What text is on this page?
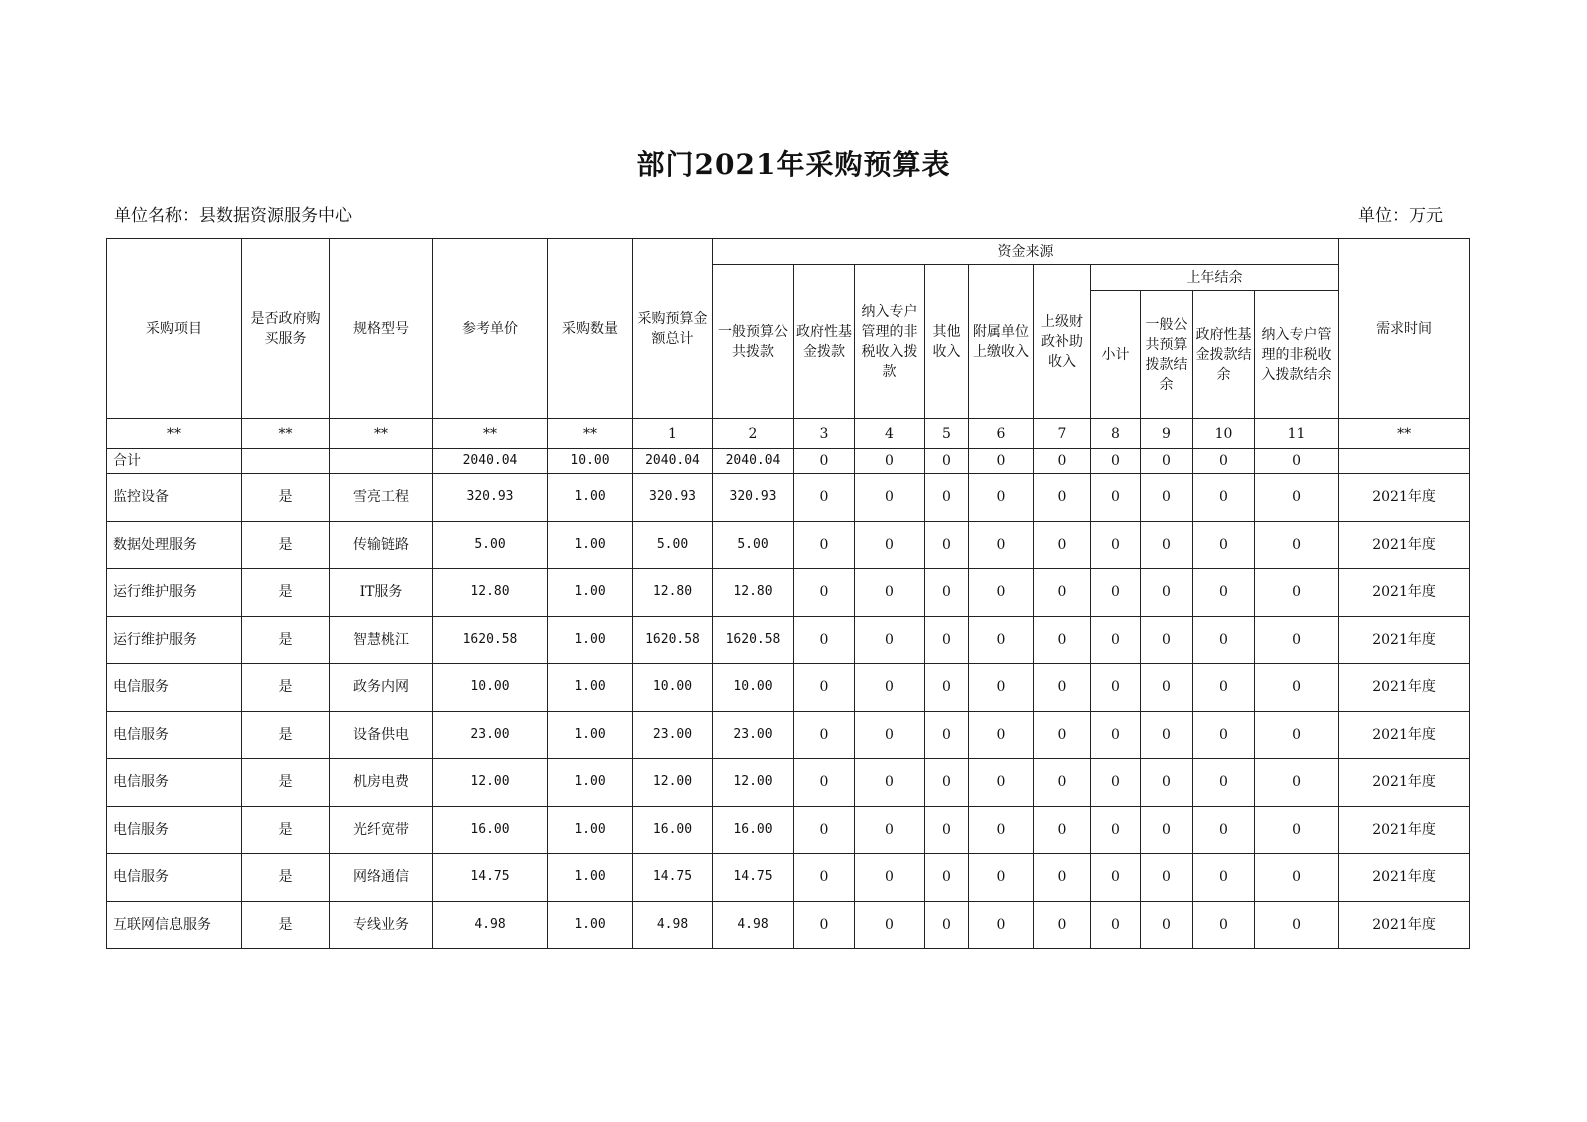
部门2021年采购预算表
单位名称：县数据资源服务中心	单位：万元
采购项目	是否政府购买服务	规格型号	参考单价	采购数量	采购预算金额总计	资金来源										需求时间
						一般预算公共拨款	政府性基金拨款	纳入专户管理的非税收入拨款	其他收入	附属单位上缴收入	上级财政补助收入	上年结余				
												小计	一般公共预算拨款结余	政府性基金拨款结余	纳入专户管理的非税收入拨款结余	
**	**	**	**	**	1	2	3	4	5	6	7	8	9	10	11	**
合计			2040.04	10.00	2040.04	2040.04	0	0	0	0	0	0	0	0	0	
监控设备	是	雪亮工程	320.93	1.00	320.93	320.93	0	0	0	0	0	0	0	0	0	2021年度
数据处理服务	是	传输链路	5.00	1.00	5.00	5.00	0	0	0	0	0	0	0	0	0	2021年度
运行维护服务	是	IT服务	12.80	1.00	12.80	12.80	0	0	0	0	0	0	0	0	0	2021年度
运行维护服务	是	智慧桃江	1620.58	1.00	1620.58	1620.58	0	0	0	0	0	0	0	0	0	2021年度
电信服务	是	政务内网	10.00	1.00	10.00	10.00	0	0	0	0	0	0	0	0	0	2021年度
电信服务	是	设备供电	23.00	1.00	23.00	23.00	0	0	0	0	0	0	0	0	0	2021年度
电信服务	是	机房电费	12.00	1.00	12.00	12.00	0	0	0	0	0	0	0	0	0	2021年度
电信服务	是	光纤宽带	16.00	1.00	16.00	16.00	0	0	0	0	0	0	0	0	0	2021年度
电信服务	是	网络通信	14.75	1.00	14.75	14.75	0	0	0	0	0	0	0	0	0	2021年度
互联网信息服务	是	专线业务	4.98	1.00	4.98	4.98	0	0	0	0	0	0	0	0	0	2021年度
